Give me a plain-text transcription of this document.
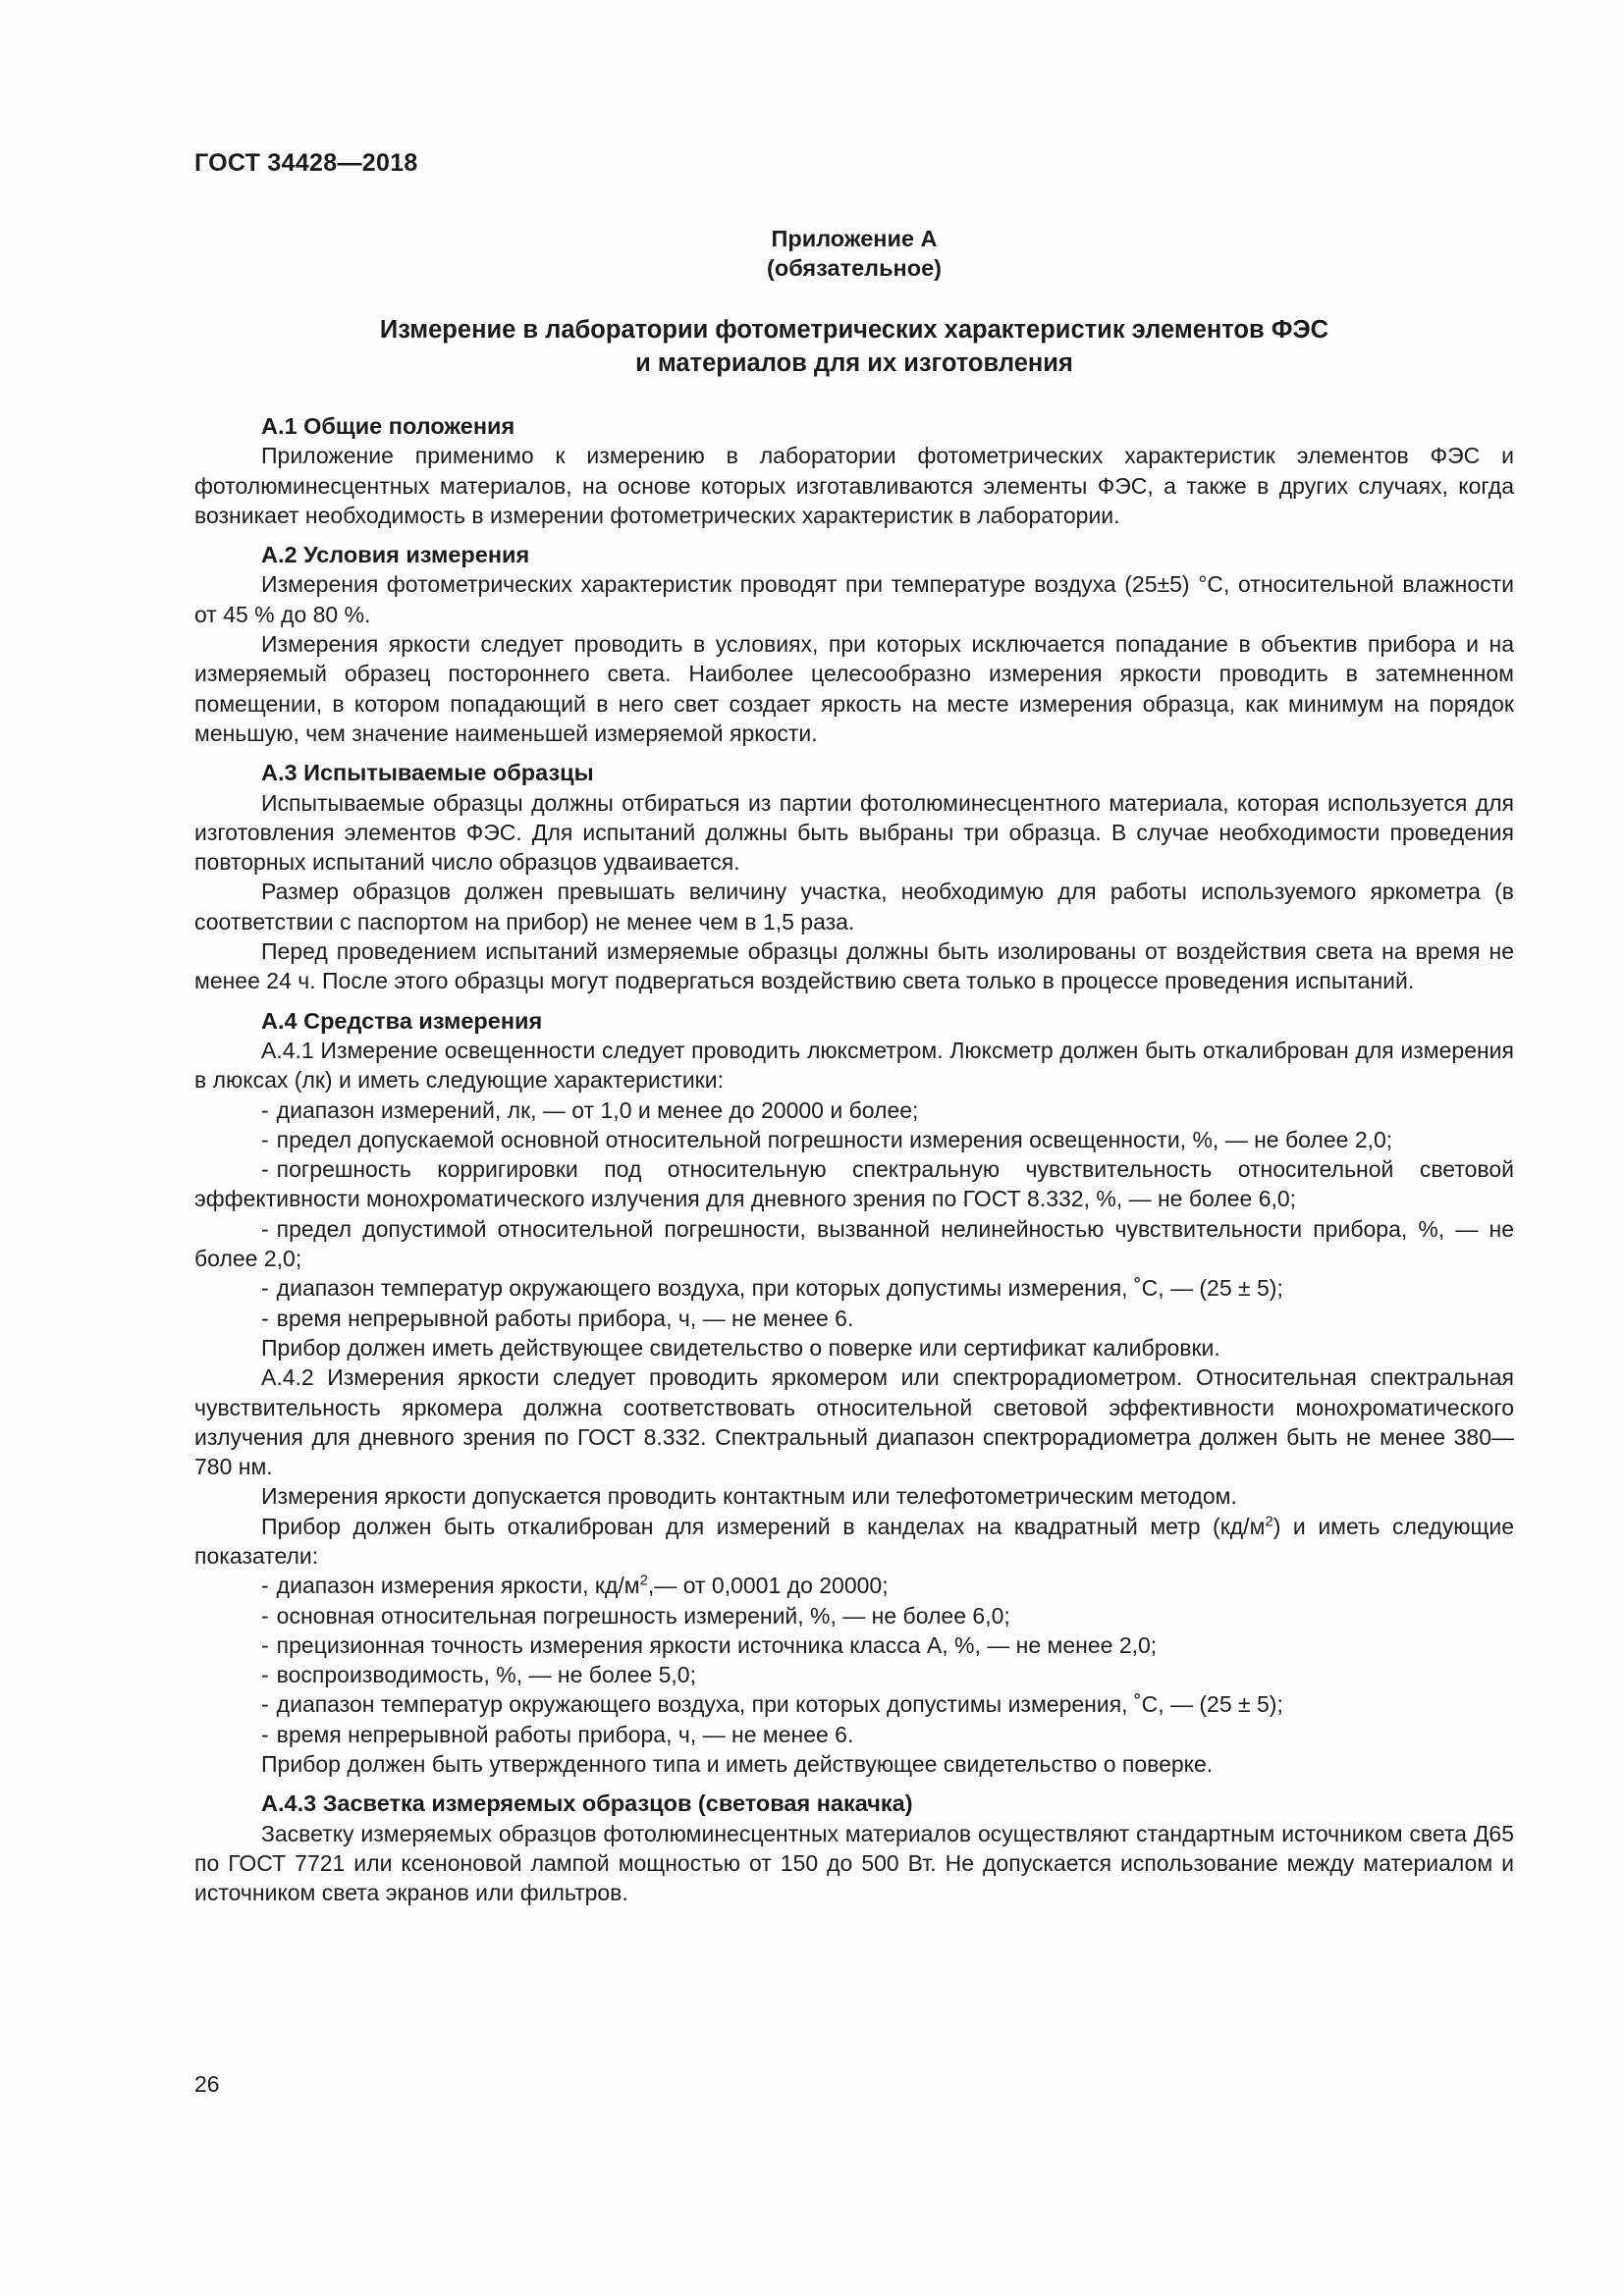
ГОСТ 34428—2018

Приложение А
(обязательное)
Измерение в лаборатории фотометрических характеристик элементов ФЭС
и материалов для их изготовления

А.1 Общие положения

Приложение применимо к измерению в лаборатории фотометрических характеристик элементов ФЭС и фотолюминесцентных материалов, на основе которых изготавливаются элементы ФЭС, а также в других случаях, когда возникает необходимость в измерении фотометрических характеристик в лаборатории.

А.2 Условия измерения

Измерения фотометрических характеристик проводят при температуре воздуха (25±5) °С, относительной влажности от 45 % до 80 %.

Измерения яркости следует проводить в условиях, при которых исключается попадание в объектив прибора и на измеряемый образец постороннего света. Наиболее целесообразно измерения яркости проводить в затемненном помещении, в котором попадающий в него свет создает яркость на месте измерения образца, как минимум на порядок меньшую, чем значение наименьшей измеряемой яркости.

А.3 Испытываемые образцы

Испытываемые образцы должны отбираться из партии фотолюминесцентного материала, которая используется для изготовления элементов ФЭС. Для испытаний должны быть выбраны три образца. В случае необходимости проведения повторных испытаний число образцов удваивается.

Размер образцов должен превышать величину участка, необходимую для работы используемого яркометра (в соответствии с паспортом на прибор) не менее чем в 1,5 раза.

Перед проведением испытаний измеряемые образцы должны быть изолированы от воздействия света на время не менее 24 ч. После этого образцы могут подвергаться воздействию света только в процессе проведения испытаний.

А.4 Средства измерения

А.4.1 Измерение освещенности следует проводить люксметром. Люксметр должен быть откалиброван для измерения в люксах (лк) и иметь следующие характеристики:

- диапазон измерений, лк, — от 1,0 и менее до 20000 и более;

- предел допускаемой основной относительной погрешности измерения освещенности, %, — не более 2,0;

- погрешность корригировки под относительную спектральную чувствительность относительной световой эффективности монохроматического излучения для дневного зрения по ГОСТ 8.332, %, — не более 6,0;

- предел допустимой относительной погрешности, вызванной нелинейностью чувствительности прибора, %, — не более 2,0;

- диапазон температур окружающего воздуха, при которых допустимы измерения, ˚С, — (25 ± 5);

- время непрерывной работы прибора, ч, — не менее 6.

Прибор должен иметь действующее свидетельство о поверке или сертификат калибровки.

А.4.2 Измерения яркости следует проводить яркомером или спектрорадиометром. Относительная спектральная чувствительность яркомера должна соответствовать относительной световой эффективности монохроматического излучения для дневного зрения по ГОСТ 8.332. Спектральный диапазон спектрорадиометра должен быть не менее 380—780 нм.

Измерения яркости допускается проводить контактным или телефотометрическим методом.

Прибор должен быть откалиброван для измерений в канделах на квадратный метр $(кд/м^2)$ и иметь следующие показатели:

- диапазон измерения яркости, $кд/м^2,—$ от 0,0001 до 20000;

- основная относительная погрешность измерений, %, — не более 6,0;

- прецизионная точность измерения яркости источника класса А, %, — не менее 2,0;

- воспроизводимость, %, — не более 5,0;

- диапазон температур окружающего воздуха, при которых допустимы измерения, ˚С, — (25 ± 5);

- время непрерывной работы прибора, ч, — не менее 6.

Прибор должен быть утвержденного типа и иметь действующее свидетельство о поверке.

А.4.3 Засветка измеряемых образцов (световая накачка)

Засветку измеряемых образцов фотолюминесцентных материалов осуществляют стандартным источником света Д65 по ГОСТ 7721 или ксеноновой лампой мощностью от 150 до 500 Вт. Не допускается использование между материалом и источником света экранов или фильтров.

26
